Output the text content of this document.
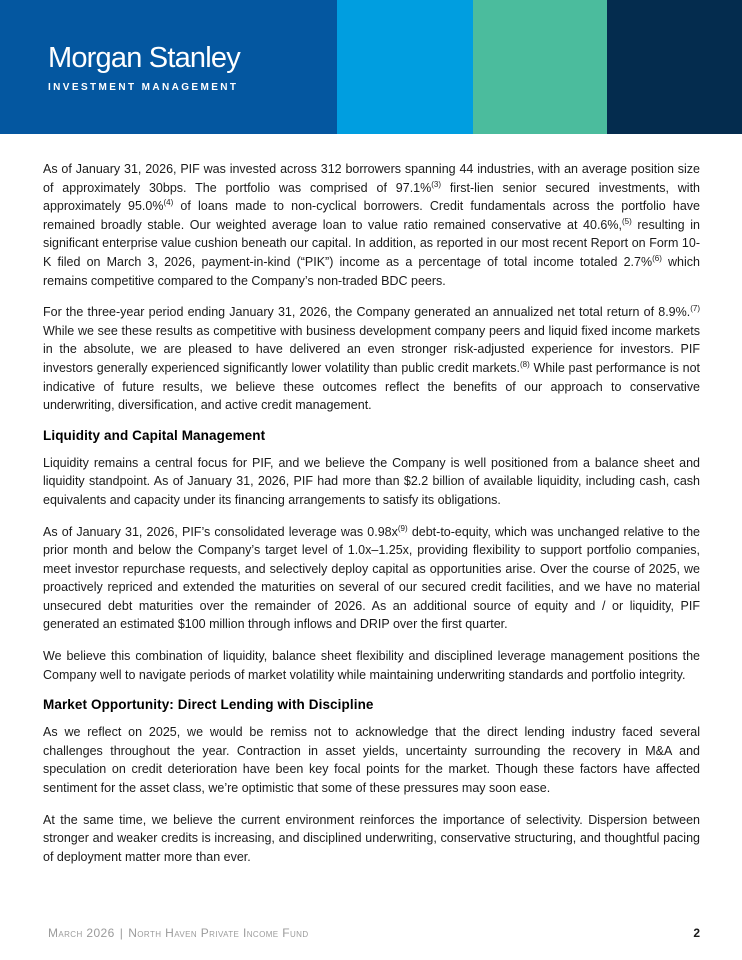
Morgan Stanley
INVESTMENT MANAGEMENT

As of January 31, 2026, PIF was invested across 312 borrowers spanning 44 industries, with an average position size of approximately 30bps. The portfolio was comprised of 97.1%$^{(3)}$ first-lien senior secured investments, with approximately 95.0%$^{(4)}$ of loans made to non-cyclical borrowers. Credit fundamentals across the portfolio have remained broadly stable. Our weighted average loan to value ratio remained conservative at 40.6%,$^{(5)}$ resulting in significant enterprise value cushion beneath our capital. In addition, as reported in our most recent Report on Form 10-K filed on March 3, 2026, payment-in-kind (“PIK”) income as a percentage of total income totaled 2.7%$^{(6)}$ which remains competitive compared to the Company’s non-traded BDC peers.

For the three-year period ending January 31, 2026, the Company generated an annualized net total return of 8.9%.$^{(7)}$ While we see these results as competitive with business development company peers and liquid fixed income markets in the absolute, we are pleased to have delivered an even stronger risk-adjusted experience for investors. PIF investors generally experienced significantly lower volatility than public credit markets.$^{(8)}$ While past performance is not indicative of future results, we believe these outcomes reflect the benefits of our approach to conservative underwriting, diversification, and active credit management.

Liquidity and Capital Management

Liquidity remains a central focus for PIF, and we believe the Company is well positioned from a balance sheet and liquidity standpoint. As of January 31, 2026, PIF had more than $2.2 billion of available liquidity, including cash, cash equivalents and capacity under its financing arrangements to satisfy its obligations.

As of January 31, 2026, PIF’s consolidated leverage was $0.98x^{(9)}$ debt-to-equity, which was unchanged relative to the prior month and below the Company’s target level of 1.0x–1.25x, providing flexibility to support portfolio companies, meet investor repurchase requests, and selectively deploy capital as opportunities arise. Over the course of 2025, we proactively repriced and extended the maturities on several of our secured credit facilities, and we have no material unsecured debt maturities over the remainder of 2026. As an additional source of equity and / or liquidity, PIF generated an estimated $100 million through inflows and DRIP over the first quarter.

We believe this combination of liquidity, balance sheet flexibility and disciplined leverage management positions the Company well to navigate periods of market volatility while maintaining underwriting standards and portfolio integrity.

Market Opportunity: Direct Lending with Discipline

As we reflect on 2025, we would be remiss not to acknowledge that the direct lending industry faced several challenges throughout the year. Contraction in asset yields, uncertainty surrounding the recovery in M&A and speculation on credit deterioration have been key focal points for the market. Though these factors have affected sentiment for the asset class, we’re optimistic that some of these pressures may soon ease.

At the same time, we believe the current environment reinforces the importance of selectivity. Dispersion between stronger and weaker credits is increasing, and disciplined underwriting, conservative structuring, and thoughtful pacing of deployment matter more than ever.

March 2026 | North Haven Private Income Fund	2
